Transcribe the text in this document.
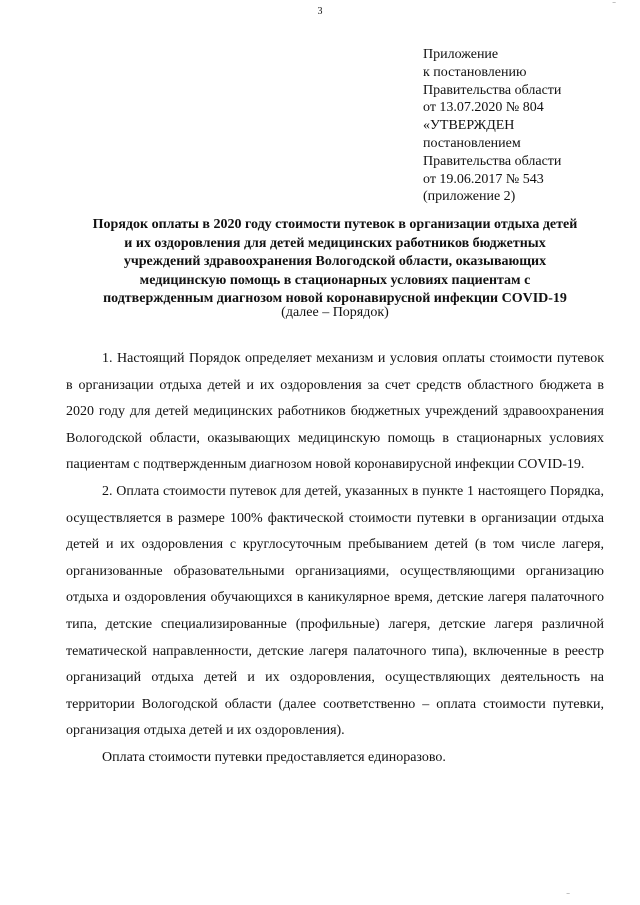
3
⁻
Приложение
к постановлению
Правительства области
от 13.07.2020 № 804
«УТВЕРЖДЕН
постановлением
Правительства области
от 19.06.2017 № 543
(приложение 2)
Порядок оплаты в 2020 году стоимости путевок в организации отдыха детей
и их оздоровления для детей медицинских работников бюджетных
учреждений здравоохранения Вологодской области, оказывающих
медицинскую помощь в стационарных условиях пациентам с
подтвержденным диагнозом новой коронавирусной инфекции COVID-19
(далее – Порядок)

1. Настоящий Порядок определяет механизм и условия оплаты стоимости путевок в организации отдыха детей и их оздоровления за счет средств областного бюджета в 2020 году для детей медицинских работников бюджетных учреждений здравоохранения Вологодской области, оказывающих медицинскую помощь в стационарных условиях пациентам с подтвержденным диагнозом новой коронавирусной инфекции COVID-19.

2. Оплата стоимости путевок для детей, указанных в пункте 1 настоящего Порядка, осуществляется в размере 100% фактической стоимости путевки в организации отдыха детей и их оздоровления с круглосуточным пребыванием детей (в том числе лагеря, организованные образовательными организациями, осуществляющими организацию отдыха и оздоровления обучающихся в каникулярное время, детские лагеря палаточного типа, детские специализированные (профильные) лагеря, детские лагеря различной тематической направленности, детские лагеря палаточного типа), включенные в реестр организаций отдыха детей и их оздоровления, осуществляющих деятельность на территории Вологодской области (далее соответственно – оплата стоимости путевки, организация отдыха детей и их оздоровления).

Оплата стоимости путевки предоставляется единоразово.

⁻
